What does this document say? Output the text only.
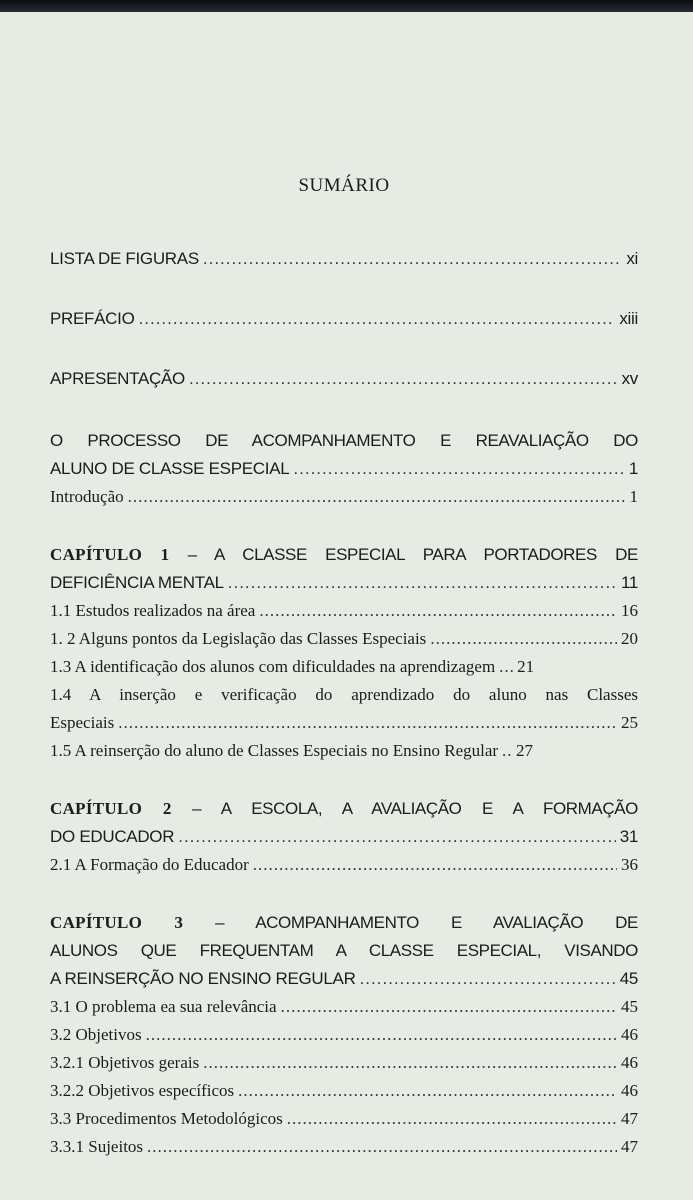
SUMÁRIO
LISTA DE FIGURAS .....	xi
PREFÁCIO .....	xiii
APRESENTAÇÃO .....	xv
O PROCESSO DE ACOMPANHAMENTO E REAVALIAÇÃO DO
ALUNO DE CLASSE ESPECIAL .....	1
Introdução .....	1
CAPÍTULO 1 – A CLASSE ESPECIAL PARA PORTADORES DE
DEFICIÊNCIA MENTAL .....	11
1.1 Estudos realizados na área .....	16
1. 2 Alguns pontos da Legislação das Classes Especiais .....	20
1.3 A identificação dos alunos com dificuldades na aprendizagem ..... 21
1.4 A inserção e verificação do aprendizado do aluno nas Classes
Especiais .....	25
1.5 A reinserção do aluno de Classes Especiais no Ensino Regular ..... 27
CAPÍTULO 2 – A ESCOLA, A AVALIAÇÃO E A FORMAÇÃO
DO EDUCADOR .....	31
2.1 A Formação do Educador .....	36
CAPÍTULO 3 – ACOMPANHAMENTO E AVALIAÇÃO DE
ALUNOS QUE FREQUENTAM A CLASSE ESPECIAL, VISANDO
A REINSERÇÃO NO ENSINO REGULAR .....	45
3.1 O problema ea sua relevância .....	45
3.2 Objetivos .....	46
3.2.1 Objetivos gerais .....	46
3.2.2 Objetivos específicos .....	46
3.3 Procedimentos Metodológicos .....	47
3.3.1 Sujeitos .....	47
